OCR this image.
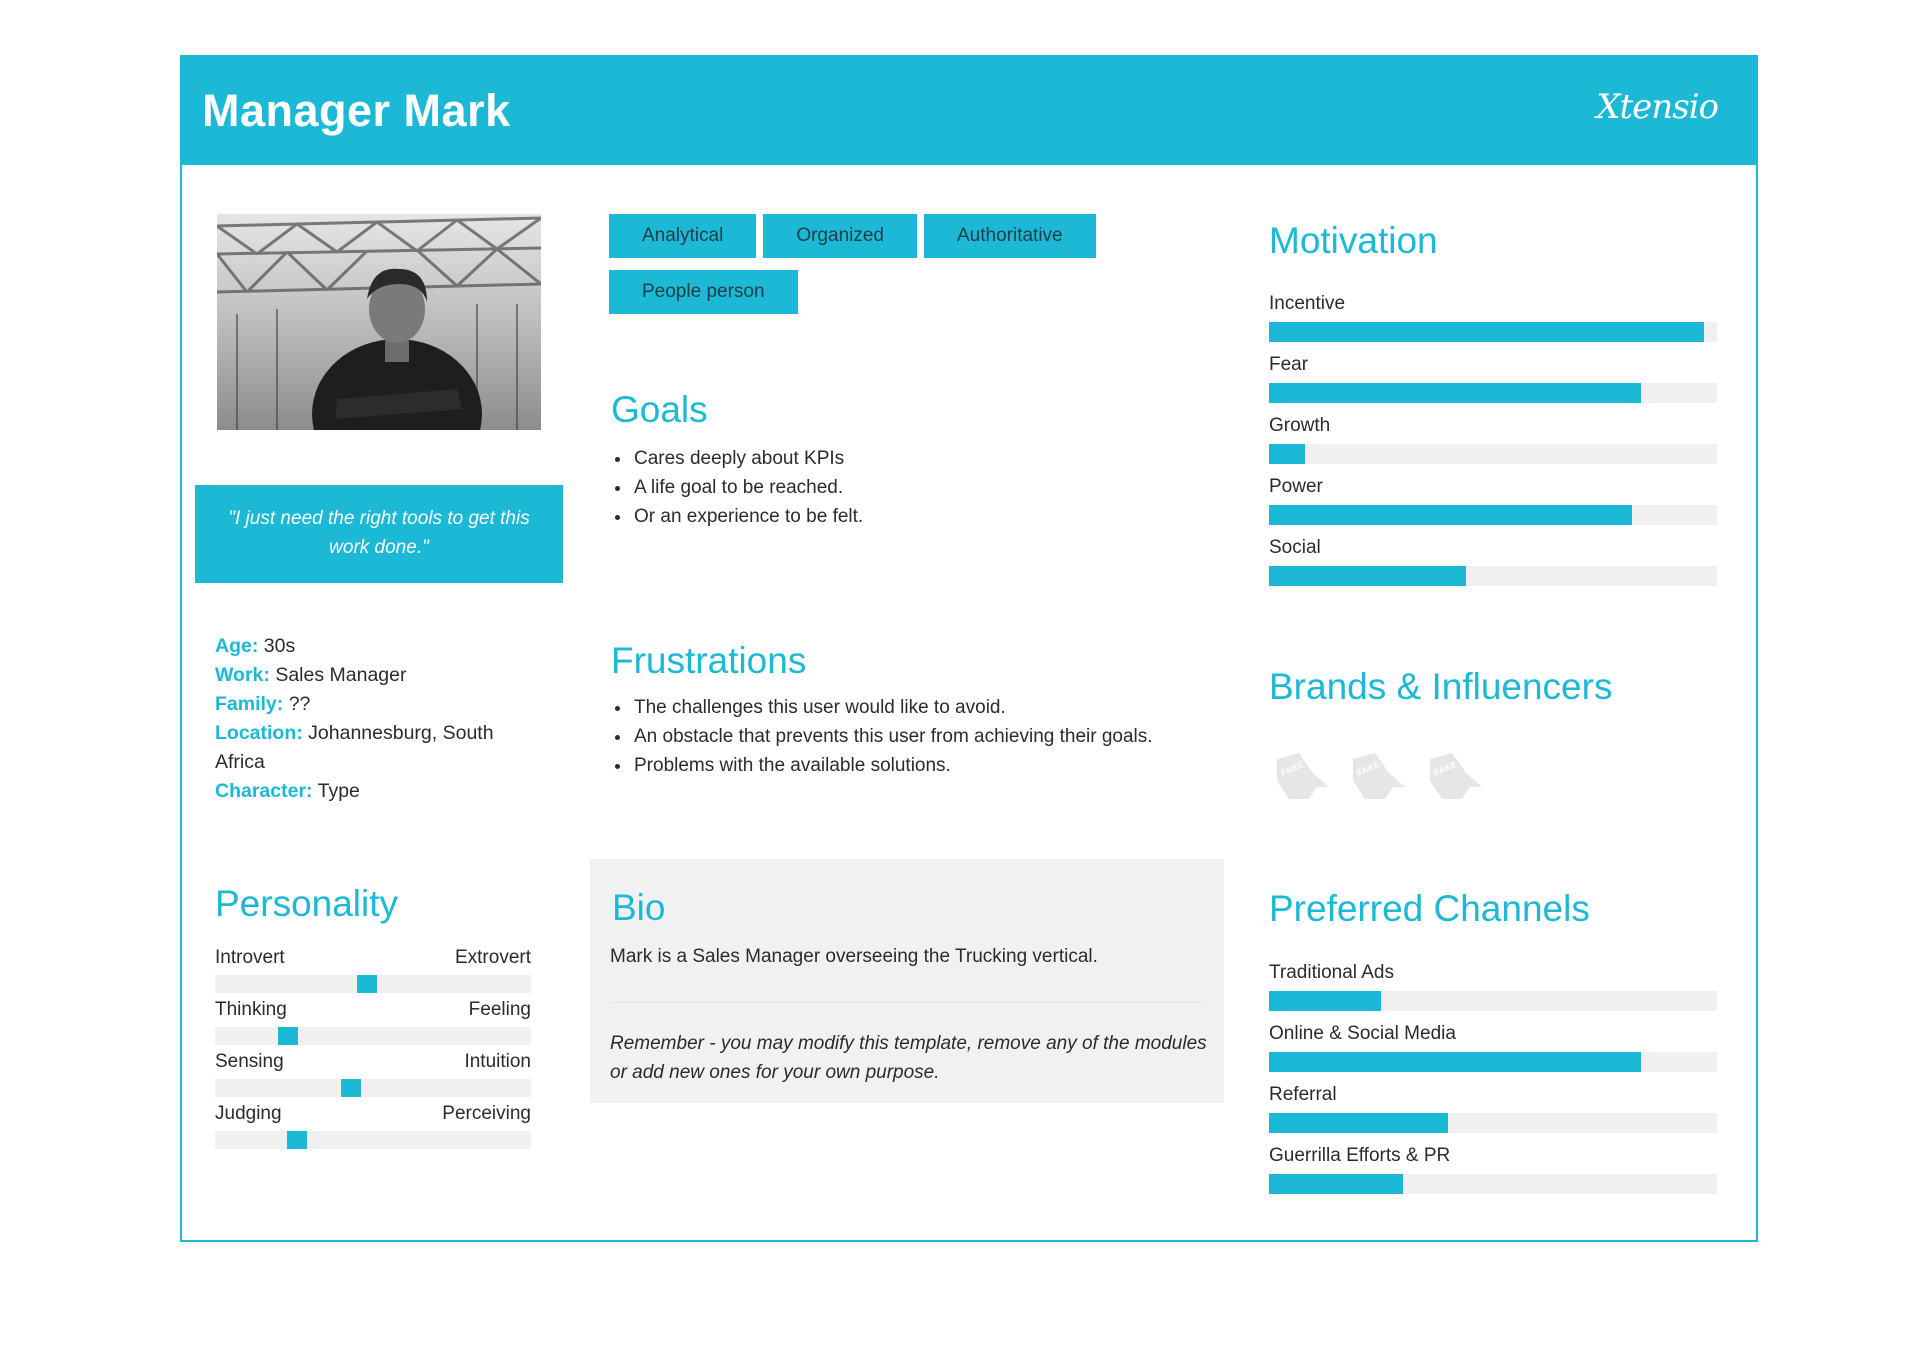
Manager Mark	Xtensio
"I just need the right tools to get this work done."
Age: 30s
Work: Sales Manager
Family: ??
Location: Johannesburg, South Africa
Character: Type
Personality
Introvert	Extrovert
Thinking	Feeling
Sensing	Intuition
Judging	Perceiving
Analytical	Organized	Authoritative
People person
Goals
• Cares deeply about KPIs
• A life goal to be reached.
• Or an experience to be felt.
Frustrations
• The challenges this user would like to avoid.
• An obstacle that prevents this user from achieving their goals.
• Problems with the available solutions.
Bio
Mark is a Sales Manager overseeing the Trucking vertical.
Remember - you may modify this template, remove any of the modules or add new ones for your own purpose.
Motivation
Incentive
Fear
Growth
Power
Social
Brands & Influencers
FAKE CROW
FAKE CROW
FAKE CROW
Preferred Channels
Traditional Ads
Online & Social Media
Referral
Guerrilla Efforts & PR
